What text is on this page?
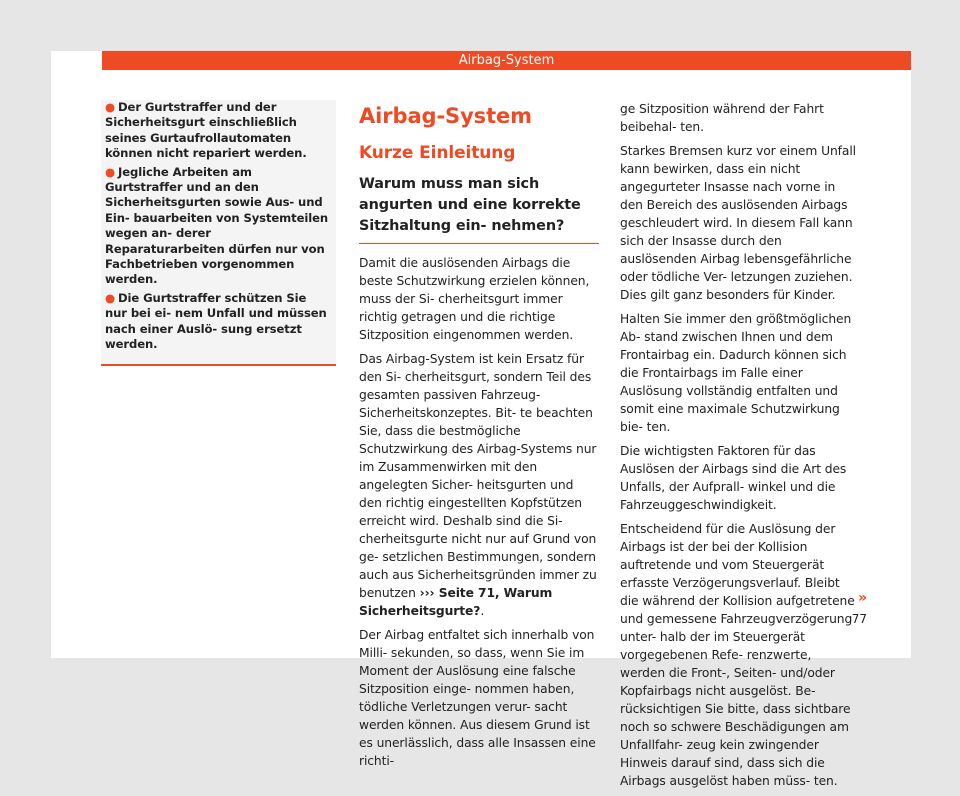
Airbag-System
● Der Gurtstraffer und der Sicherheitsgurt einschließlich seines Gurtaufrollautomaten können nicht repariert werden.
● Jegliche Arbeiten am Gurtstraffer und an den Sicherheitsgurten sowie Aus- und Ein- bauarbeiten von Systemteilen wegen an- derer Reparaturarbeiten dürfen nur von Fachbetrieben vorgenommen werden.
● Die Gurtstraffer schützen Sie nur bei ei- nem Unfall und müssen nach einer Auslö- sung ersetzt werden.
Airbag-System
Kurze Einleitung
Warum muss man sich angurten und eine korrekte Sitzhaltung ein- nehmen?

Damit die auslösenden Airbags die beste Schutzwirkung erzielen können, muss der Si- cherheitsgurt immer richtig getragen und die richtige Sitzposition eingenommen werden.

Das Airbag-System ist kein Ersatz für den Si- cherheitsgurt, sondern Teil des gesamten passiven Fahrzeug-Sicherheitskonzeptes. Bit- te beachten Sie, dass die bestmögliche Schutzwirkung des Airbag-Systems nur im Zusammenwirken mit den angelegten Sicher- heitsgurten und den richtig eingestellten Kopfstützen erreicht wird. Deshalb sind die Si- cherheitsgurte nicht nur auf Grund von ge- setzlichen Bestimmungen, sondern auch aus Sicherheitsgründen immer zu benutzen ››› Seite 71, Warum Sicherheitsgurte?.

Der Airbag entfaltet sich innerhalb von Milli- sekunden, so dass, wenn Sie im Moment der Auslösung eine falsche Sitzposition einge- nommen haben, tödliche Verletzungen verur- sacht werden können. Aus diesem Grund ist es unerlässlich, dass alle Insassen eine richti-

ge Sitzposition während der Fahrt beibehal- ten.

Starkes Bremsen kurz vor einem Unfall kann bewirken, dass ein nicht angegurteter Insasse nach vorne in den Bereich des auslösenden Airbags geschleudert wird. In diesem Fall kann sich der Insasse durch den auslösenden Airbag lebensgefährliche oder tödliche Ver- letzungen zuziehen. Dies gilt ganz besonders für Kinder.

Halten Sie immer den größtmöglichen Ab- stand zwischen Ihnen und dem Frontairbag ein. Dadurch können sich die Frontairbags im Falle einer Auslösung vollständig entfalten und somit eine maximale Schutzwirkung bie- ten.

Die wichtigsten Faktoren für das Auslösen der Airbags sind die Art des Unfalls, der Aufprall- winkel und die Fahrzeuggeschwindigkeit.

Entscheidend für die Auslösung der Airbags ist der bei der Kollision auftretende und vom Steuergerät erfasste Verzögerungsverlauf. Bleibt die während der Kollision aufgetretene und gemessene Fahrzeugverzögerung unter- halb der im Steuergerät vorgegebenen Refe- renzwerte, werden die Front-, Seiten- und/oder Kopfairbags nicht ausgelöst. Be- rücksichtigen Sie bitte, dass sichtbare noch so schwere Beschädigungen am Unfallfahr- zeug kein zwingender Hinweis darauf sind, dass sich die Airbags ausgelöst haben müss- ten.

»
77
